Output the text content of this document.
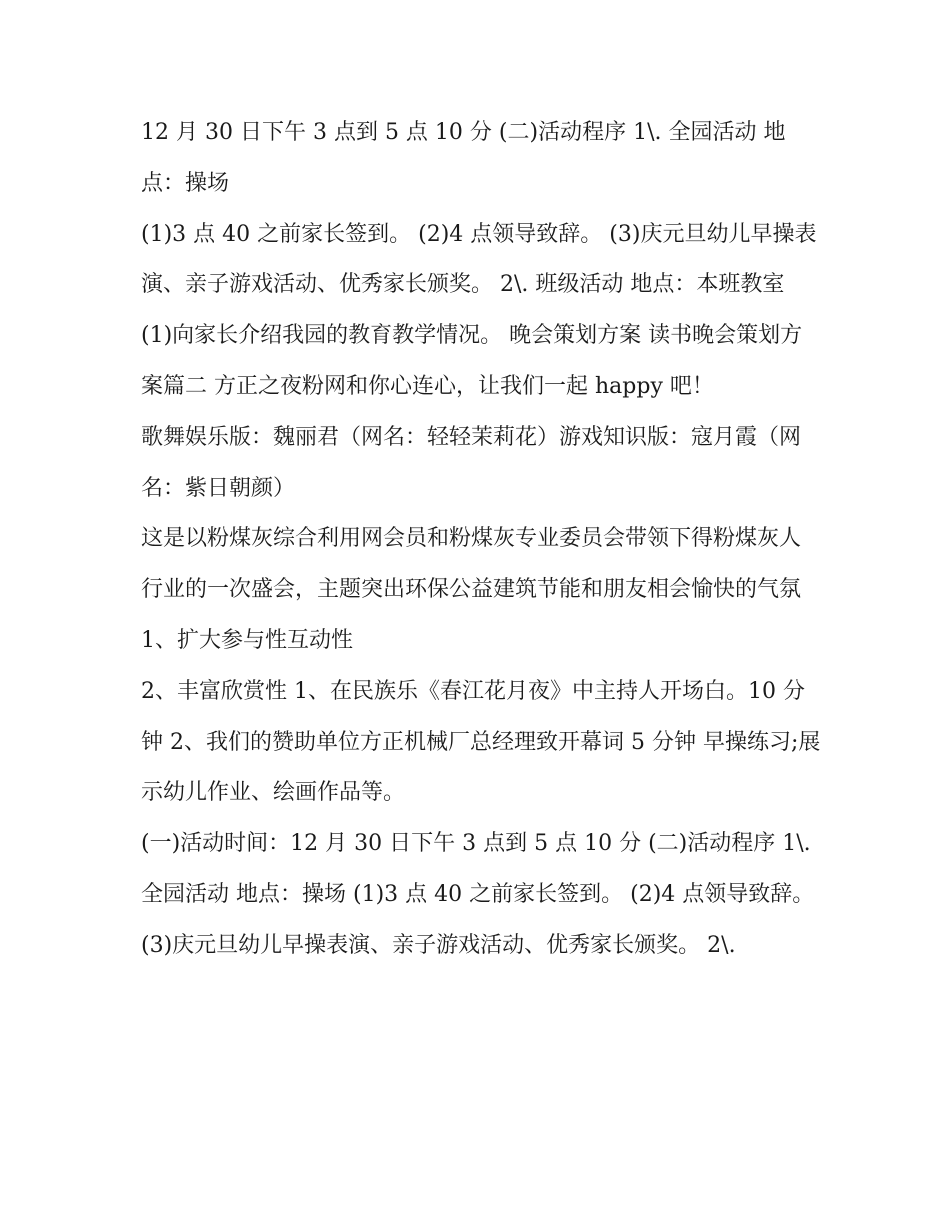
12 月 30 日下午 3 点到 5 点 10 分 (二)活动程序 1\. 全园活动 地点：操场

(1)3 点 40 之前家长签到。 (2)4 点领导致辞。 (3)庆元旦幼儿早操表演、亲子游戏活动、优秀家长颁奖。 2\. 班级活动 地点：本班教室

(1)向家长介绍我园的教育教学情况。 晚会策划方案 读书晚会策划方案篇二 方正之夜粉网和你心连心，让我们一起 happy 吧！

歌舞娱乐版：魏丽君（网名：轻轻茉莉花）游戏知识版：寇月霞（网名：紫日朝颜）

这是以粉煤灰综合利用网会员和粉煤灰专业委员会带领下得粉煤灰人行业的一次盛会，主题突出环保公益建筑节能和朋友相会愉快的气氛 1、扩大参与性互动性

2、丰富欣赏性 1、在民族乐《春江花月夜》中主持人开场白。10 分钟 2、我们的赞助单位方正机械厂总经理致开幕词 5 分钟 早操练习;展示幼儿作业、绘画作品等。

(一)活动时间：12 月 30 日下午 3 点到 5 点 10 分 (二)活动程序 1\. 全园活动 地点：操场 (1)3 点 40 之前家长签到。 (2)4 点领导致辞。

(3)庆元旦幼儿早操表演、亲子游戏活动、优秀家长颁奖。 2\.
